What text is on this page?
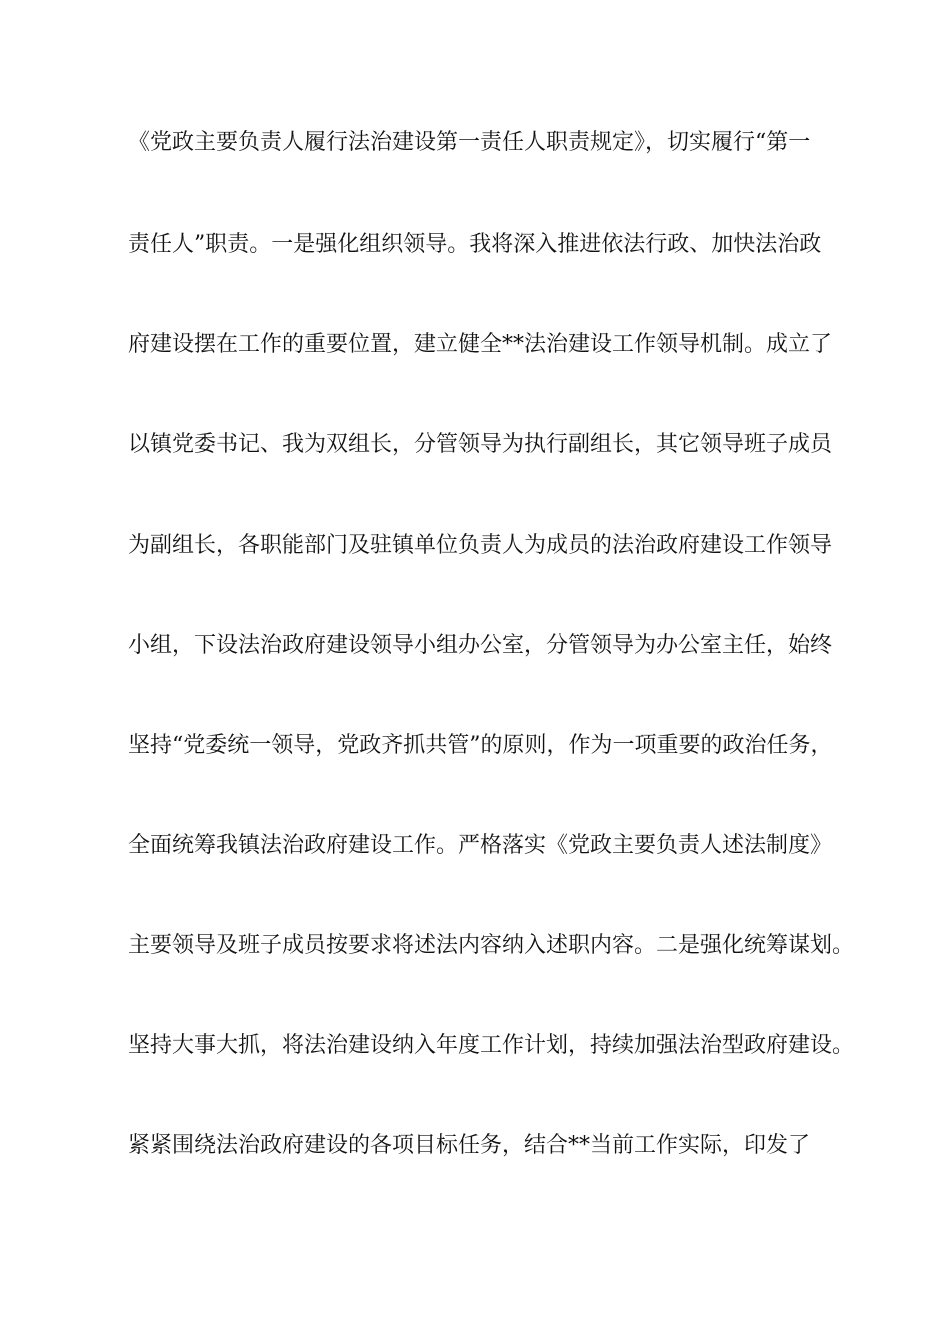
《党政主要负责人履行法治建设第一责任人职责规定》，切实履行“第一
责任人”职责。一是强化组织领导。我将深入推进依法行政、加快法治政
府建设摆在工作的重要位置，建立健全**法治建设工作领导机制。成立了
以镇党委书记、我为双组长，分管领导为执行副组长，其它领导班子成员
为副组长，各职能部门及驻镇单位负责人为成员的法治政府建设工作领导
小组，下设法治政府建设领导小组办公室，分管领导为办公室主任，始终
坚持“党委统一领导，党政齐抓共管”的原则，作为一项重要的政治任务，
全面统筹我镇法治政府建设工作。严格落实《党政主要负责人述法制度》
主要领导及班子成员按要求将述法内容纳入述职内容。二是强化统筹谋划。
坚持大事大抓，将法治建设纳入年度工作计划，持续加强法治型政府建设。
紧紧围绕法治政府建设的各项目标任务，结合**当前工作实际，印发了
